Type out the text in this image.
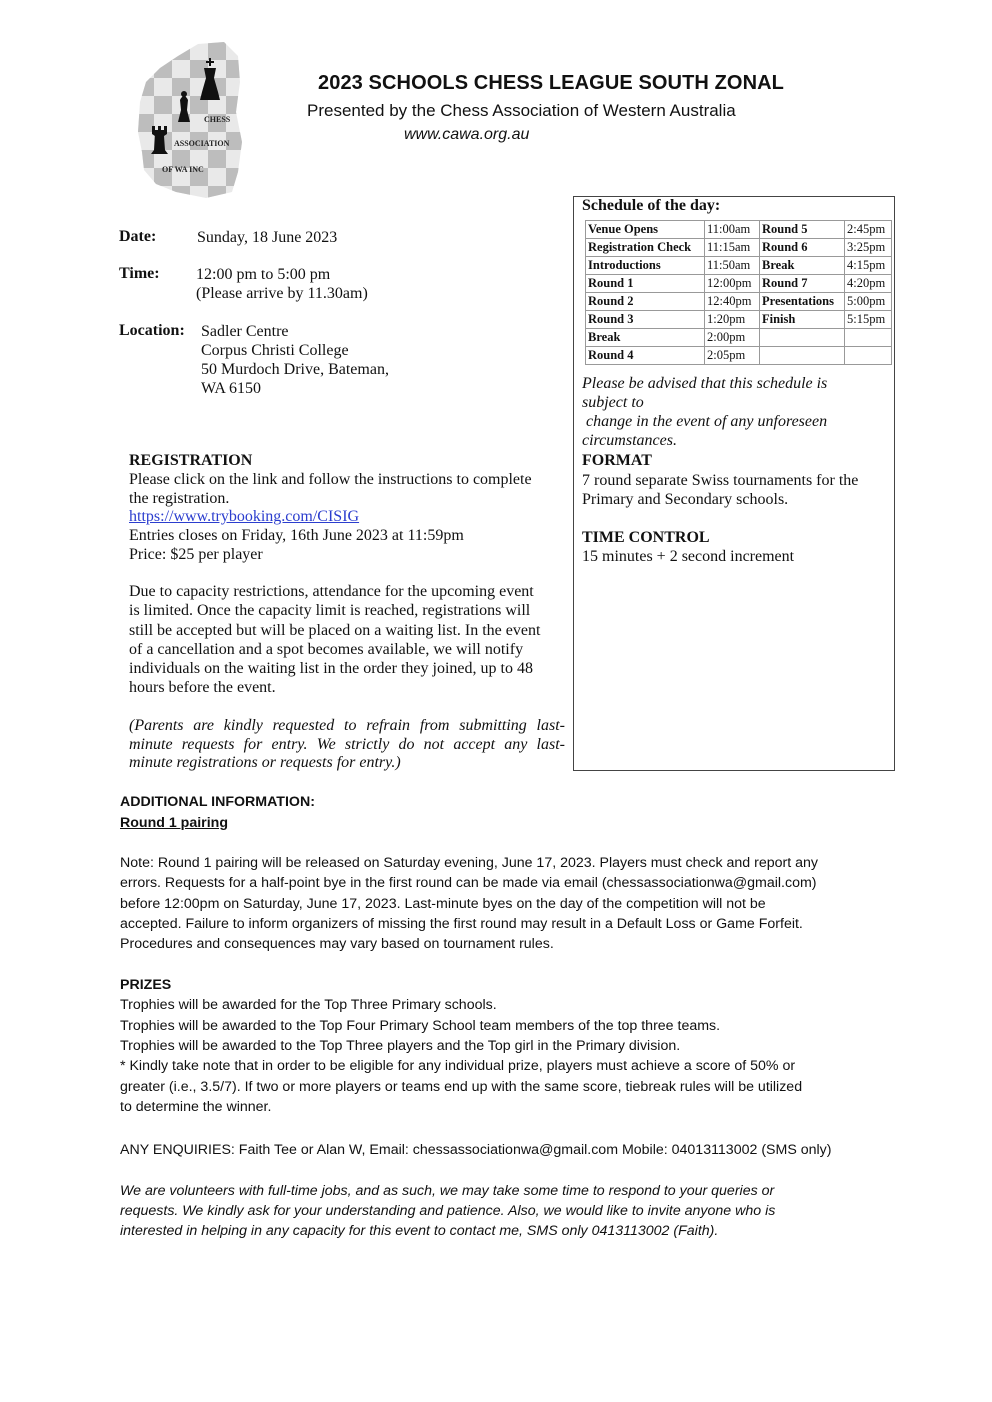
CHESS
ASSOCIATION
OF WA INC
2023 SCHOOLS CHESS LEAGUE SOUTH ZONAL
Presented by the Chess Association of Western Australia
www.cawa.org.au
Date:	Sunday, 18 June 2023
Time: 12:00 pm to 5:00 pm
(Please arrive by 11.30am)
Location: Sadler Centre
Corpus Christi College
50 Murdoch Drive, Bateman,
WA 6150
Schedule of the day:
Venue Opens	11:00am	Round 5	2:45pm
Registration Check	11:15am	Round 6	3:25pm
Introductions	11:50am	Break	4:15pm
Round 1	12:00pm	Round 7	4:20pm
Round 2	12:40pm	Presentations	5:00pm
Round 3	1:20pm	Finish	5:15pm
Break	2:00pm		
Round 4	2:05pm		
Please be advised that this schedule is
subject to
change in the event of any unforeseen
circumstances.
FORMAT
7 round separate Swiss tournaments for the
Primary and Secondary schools.
TIME CONTROL
15 minutes + 2 second increment
REGISTRATION
Please click on the link and follow the instructions to complete
the registration.
https://www.trybooking.com/CISIG
Entries closes on Friday, 16th June 2023 at 11:59pm
Price: $25 per player
Due to capacity restrictions, attendance for the upcoming event
is limited. Once the capacity limit is reached, registrations will
still be accepted but will be placed on a waiting list. In the event
of a cancellation and a spot becomes available, we will notify
individuals on the waiting list in the order they joined, up to 48
hours before the event.
(Parents are kindly requested to refrain from submitting last-
minute requests for entry. We strictly do not accept any last-
minute registrations or requests for entry.)
ADDITIONAL INFORMATION:
Round 1 pairing
Note: Round 1 pairing will be released on Saturday evening, June 17, 2023. Players must check and report any
errors. Requests for a half-point bye in the first round can be made via email (chessassociationwa@gmail.com)
before 12:00pm on Saturday, June 17, 2023. Last-minute byes on the day of the competition will not be
accepted. Failure to inform organizers of missing the first round may result in a Default Loss or Game Forfeit.
Procedures and consequences may vary based on tournament rules.
PRIZES
Trophies will be awarded for the Top Three Primary schools.
Trophies will be awarded to the Top Four Primary School team members of the top three teams.
Trophies will be awarded to the Top Three players and the Top girl in the Primary division.
* Kindly take note that in order to be eligible for any individual prize, players must achieve a score of 50% or
greater (i.e., 3.5/7). If two or more players or teams end up with the same score, tiebreak rules will be utilized
to determine the winner.
ANY ENQUIRIES: Faith Tee or Alan W, Email: chessassociationwa@gmail.com Mobile: 04013113002 (SMS only)
We are volunteers with full-time jobs, and as such, we may take some time to respond to your queries or
requests. We kindly ask for your understanding and patience. Also, we would like to invite anyone who is
interested in helping in any capacity for this event to contact me, SMS only 0413113002 (Faith).
